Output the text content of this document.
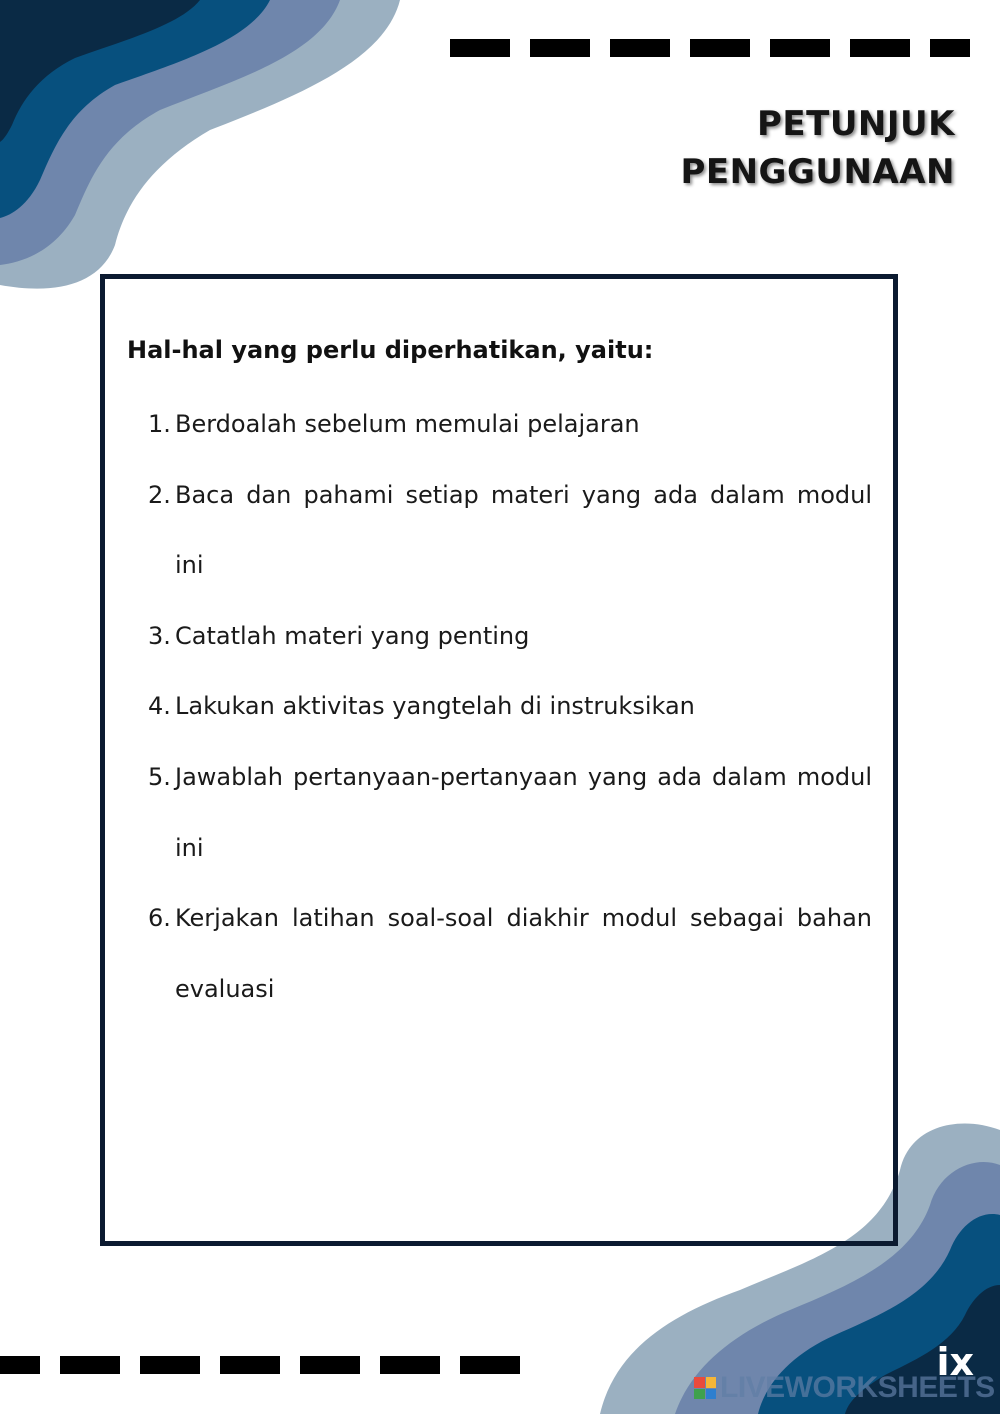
PETUNJUK
PENGGUNAAN
Hal-hal yang perlu diperhatikan, yaitu:
1. Berdoalah sebelum memulai pelajaran
2. Baca dan pahami setiap materi yang ada dalam modul ini
3. Catatlah materi yang penting
4. Lakukan aktivitas yangtelah di instruksikan
5. Jawablah pertanyaan-pertanyaan yang ada dalam modul ini
6. Kerjakan latihan soal-soal diakhir modul sebagai bahan evaluasi
ix
LIVEWORKSHEETS
